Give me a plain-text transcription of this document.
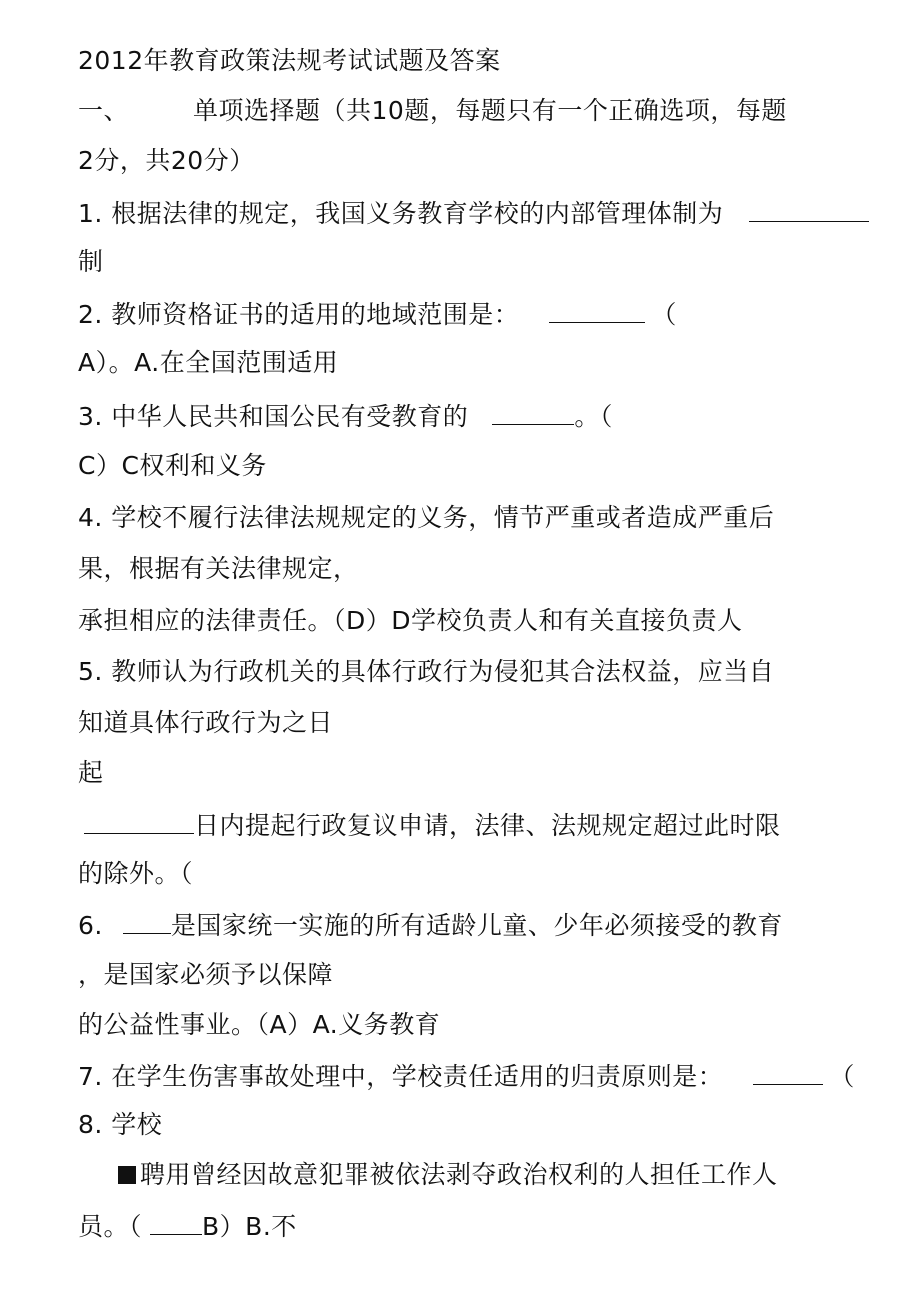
2012年教育政策法规考试试题及答案
一、	单项选择题（共10题，每题只有一个正确选项，每题
2分，共20分）
1. 根据法律的规定，我国义务教育学校的内部管理体制为
制
2. 教师资格证书的适用的地域范围是：	（
A）。A.在全国范围适用
3. 中华人民共和国公民有受教育的	。（
C）C权利和义务
4. 学校不履行法律法规规定的义务，情节严重或者造成严重后
果，根据有关法律规定，
承担相应的法律责任。（D）D学校负责人和有关直接负责人
5. 教师认为行政机关的具体行政行为侵犯其合法权益，应当自
知道具体行政行为之日
起
日内提起行政复议申请，法律、法规规定超过此时限
的除外。（
6.	是国家统一实施的所有适龄儿童、少年必须接受的教育
，是国家必须予以保障
的公益性事业。（A）A.义务教育
7. 在学生伤害事故处理中，学校责任适用的归责原则是：	（
8. 学校
聘用曾经因故意犯罪被依法剥夺政治权利的人担任工作人
员。（ B）B.不
